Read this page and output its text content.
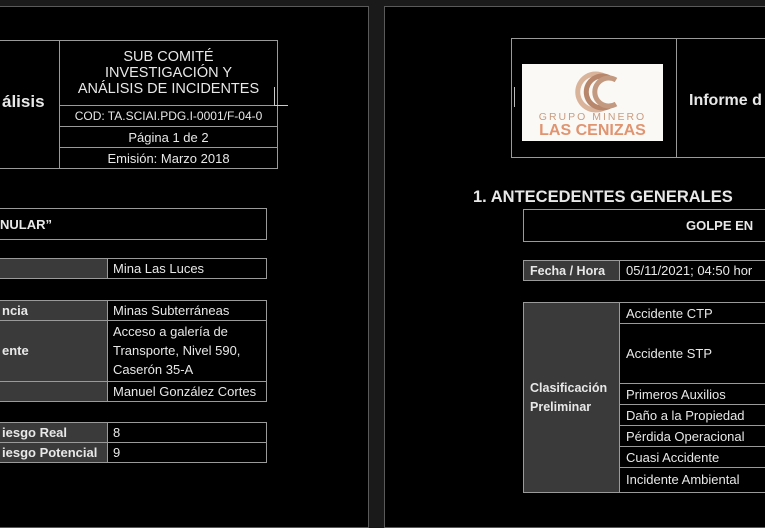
álisis
SUB COMITÉ
INVESTIGACIÓN Y
ANÁLISIS DE INCIDENTES
COD: TA.SCIAI.PDG.I-0001/F-04-0
Página 1 de 2
Emisión: Marzo 2018
NULAR”
Mina Las Luces
ncia	Minas Subterráneas
ente
Acceso a galería de
Transporte, Nivel 590,
Caserón 35-A
Manuel González Cortes
iesgo Real	8
iesgo Potencial 9
GRUPO MINERO
LAS CENIZAS
Informe d
1. ANTECEDENTES GENERALES
GOLPE EN
Fecha / Hora 05/11/2021; 04:50 hor
Clasificación
Preliminar
Accidente CTP
Accidente STP
Primeros Auxilios
Daño a la Propiedad
Pérdida Operacional
Cuasi Accidente
Incidente Ambiental
